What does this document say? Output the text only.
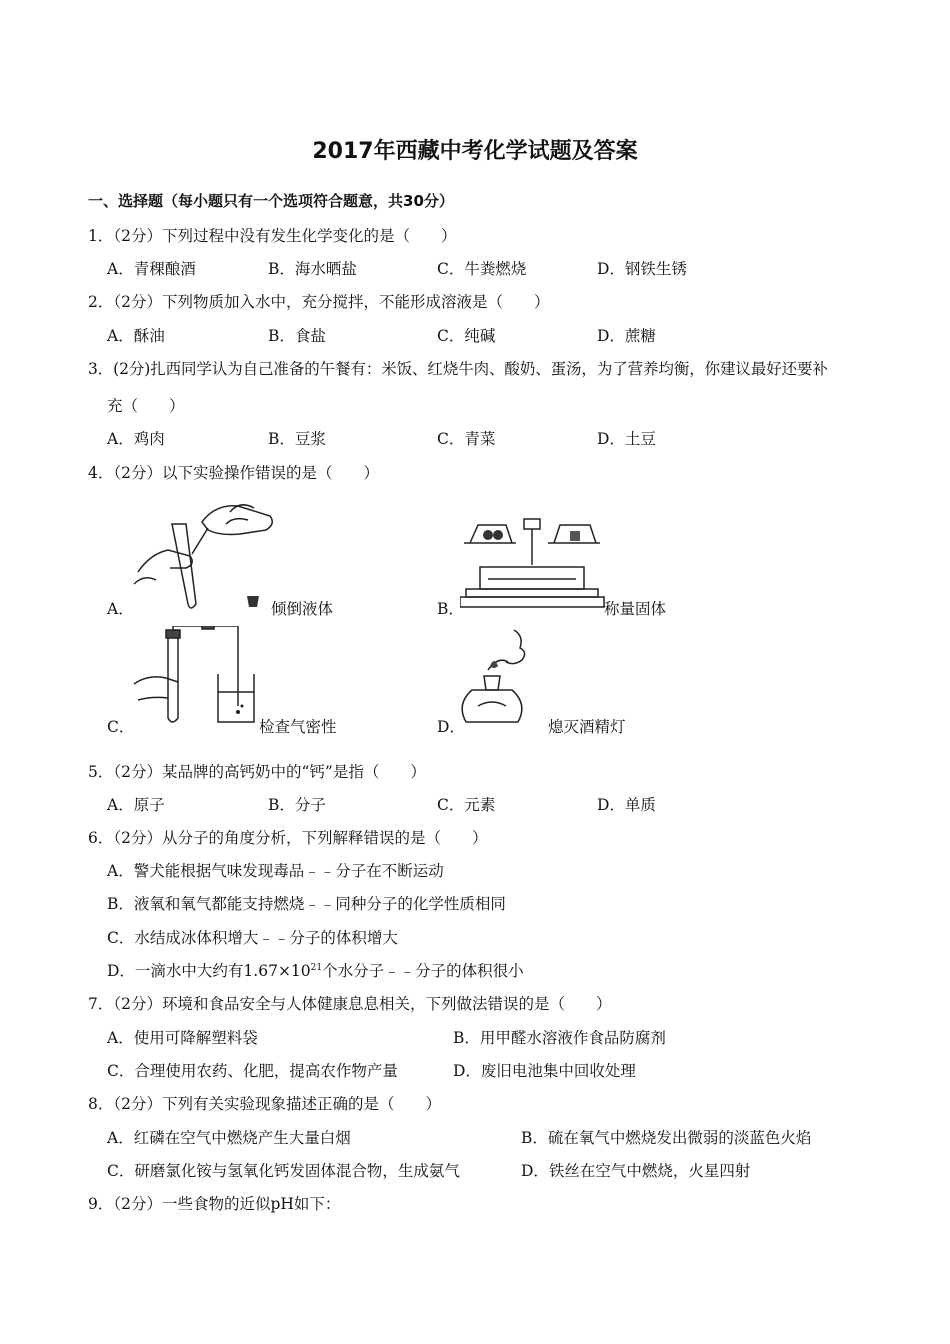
2017年西藏中考化学试题及答案
一、选择题（每小题只有一个选项符合题意，共30分）
1．（2分）下列过程中没有发生化学变化的是（　　）
A．青稞酿酒	B．海水晒盐	C．牛粪燃烧	D．钢铁生锈
2．（2分）下列物质加入水中，充分搅拌，不能形成溶液是（　　）
A．酥油	B．食盐	C．纯碱	D．蔗糖
3．(2分)扎西同学认为自己准备的午餐有：米饭、红烧牛肉、酸奶、蛋汤，为了营养均衡，你建议最好还要补
充（　　）
A．鸡肉	B．豆浆	C．青菜	D．土豆
4．（2分）以下实验操作错误的是（　　）
A．	倾倒液体	B．	称量固体
C．	检查气密性	D．	熄灭酒精灯
5．（2分）某品牌的高钙奶中的“钙”是指（　　）
A．原子	B．分子	C．元素	D．单质
6．（2分）从分子的角度分析，下列解释错误的是（　　）
A．警犬能根据气味发现毒品﹣﹣分子在不断运动
B．液氧和氧气都能支持燃烧﹣﹣同种分子的化学性质相同
C．水结成冰体积增大﹣﹣分子的体积增大
D．一滴水中大约有$1.67\times 10^{21}$个水分子﹣﹣分子的体积很小
7．（2分）环境和食品安全与人体健康息息相关，下列做法错误的是（　　）
A．使用可降解塑料袋	B．用甲醛水溶液作食品防腐剂
C．合理使用农药、化肥，提高农作物产量	D．废旧电池集中回收处理
8．（2分）下列有关实验现象描述正确的是（　　）
A．红磷在空气中燃烧产生大量白烟	B．硫在氧气中燃烧发出微弱的淡蓝色火焰
C．研磨氯化铵与氢氧化钙发固体混合物，生成氨气	D．铁丝在空气中燃烧，火星四射
9．（2分）一些食物的近似pH如下：
